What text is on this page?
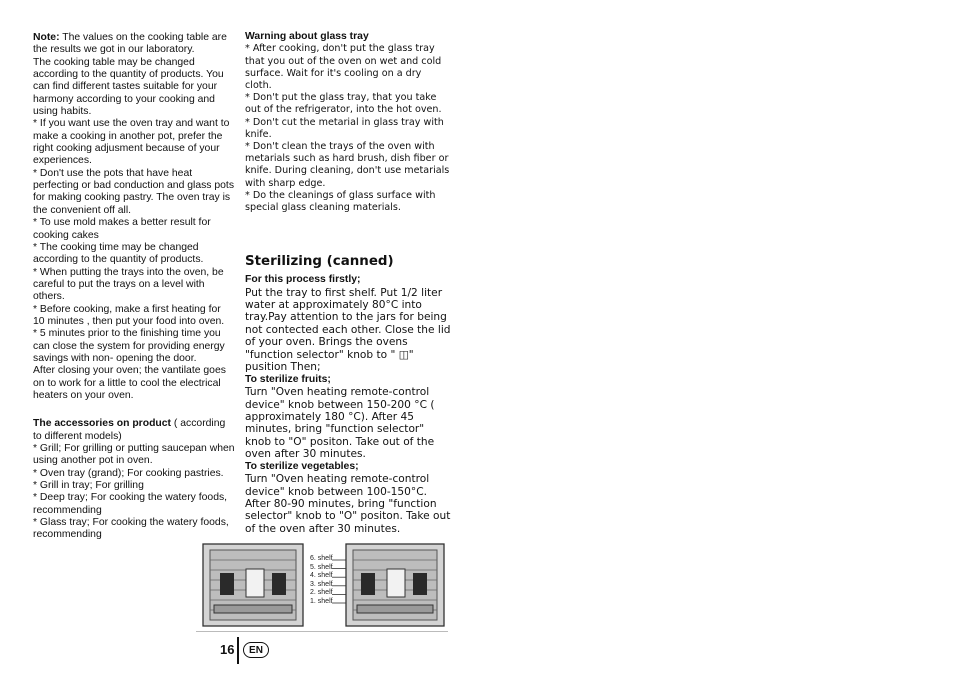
Note: The values on the cooking table are the results we got in our laboratory.

The cooking table may be changed according to the quantity of products. You can find different tastes suitable for your harmony according to your cooking and using habits.

* If you want use the oven tray and want to make a cooking in another pot, prefer the right cooking adjusment because of your experiences.

* Don't use the pots that have heat perfecting or bad conduction and glass pots for making cooking pastry. The oven tray is the convenient off all.

* To use mold makes a better result for cooking cakes

* The cooking time may be changed according to the quantity of products.

* When putting the trays into the oven, be careful to put the trays on a level with others.

* Before cooking, make a first heating for 10 minutes , then put your food into oven.

* 5 minutes prior to the finishing time you can close the system for providing energy savings with non- opening the door.

After closing your oven; the vantilate goes on to work for a little to cool the electrical heaters on your oven.

The accessories on product ( according to different models)

* Grill; For grilling or putting saucepan when using another pot in oven.

* Oven tray (grand); For cooking pastries.

* Grill in tray; For grilling

* Deep tray; For cooking the watery foods, recommending

* Glass tray; For cooking the watery foods, recommending

Warning about glass tray

* After cooking, don't put the glass tray that you out of the oven on wet and cold surface. Wait for it's cooling on a dry cloth.

* Don't put the glass tray, that you take out of the refrigerator, into the hot oven.

* Don't cut the metarial in glass tray with knife.

* Don't clean the trays of the oven with metarials such as hard brush, dish fiber or knife. During cleaning, don't use metarials with sharp edge.

* Do the cleanings of glass surface with special glass cleaning materials.

Sterilizing (canned)

For this process firstly;

Put the tray to first shelf. Put 1/2 liter water at approximately 80°C into tray.Pay attention to the jars for being not contected each other. Close the lid of your oven. Brings the ovens "function selector" knob to " ◫" pusition Then;

To sterilize fruits;

Turn "Oven heating remote-control device" knob between 150-200 °C ( approximately 180 °C). After 45 minutes, bring "function selector" knob to "O" positon. Take out of the oven after 30 minutes.

To sterilize vegetables;

Turn "Oven heating remote-control device" knob between 100-150°C. After 80-90 minutes, bring "function selector" knob to "O" positon. Take out of the oven after 30 minutes.

6. shelf
5. shelf
4. shelf
3. shelf
2. shelf
1. shelf
16	EN
